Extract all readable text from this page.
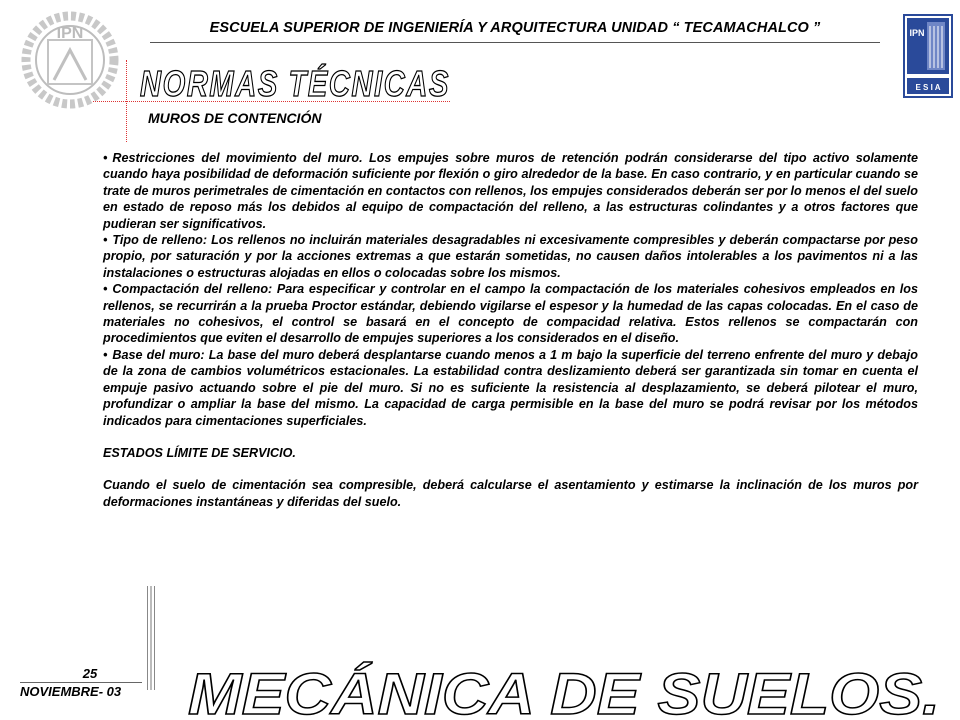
ESCUELA SUPERIOR DE INGENIERÍA Y ARQUITECTURA UNIDAD “ TECAMACHALCO ”
IPN	IPN
E S I A
NORMAS TÉCNICAS
MUROS DE CONTENCIÓN

• Restricciones del movimiento del muro. Los empujes sobre muros de retención podrán considerarse del tipo activo solamente cuando haya posibilidad de deformación suficiente por flexión o giro alrededor de la base. En caso contrario, y en particular cuando se trate de muros perimetrales de cimentación en contactos con rellenos, los empujes considerados deberán ser por lo menos el del suelo en estado de reposo más los debidos al equipo de compactación del relleno, a las estructuras colindantes y a otros factores que pudieran ser significativos.

• Tipo de relleno: Los rellenos no incluirán materiales desagradables ni excesivamente compresibles y deberán compactarse por peso propio, por saturación y por la acciones extremas a que estarán sometidas, no causen daños intolerables a los pavimentos ni a las instalaciones o estructuras alojadas en ellos o colocadas sobre los mismos.

• Compactación del relleno: Para especificar y controlar en el campo la compactación de los materiales cohesivos empleados en los rellenos, se recurrirán a la prueba Proctor estándar, debiendo vigilarse el espesor y la humedad de las capas colocadas. En el caso de materiales no cohesivos, el control se basará en el concepto de compacidad relativa. Estos rellenos se compactarán con procedimientos que eviten el desarrollo de empujes superiores a los considerados en el diseño.

• Base del muro: La base del muro deberá desplantarse cuando menos a 1 m bajo la superficie del terreno enfrente del muro y debajo de la zona de cambios volumétricos estacionales. La estabilidad contra deslizamiento deberá ser garantizada sin tomar en cuenta el empuje pasivo actuando sobre el pie del muro. Si no es suficiente la resistencia al desplazamiento, se deberá pilotear el muro, profundizar o ampliar la base del mismo. La capacidad de carga permisible en la base del muro se podrá revisar por los métodos indicados para cimentaciones superficiales.

ESTADOS LÍMITE DE SERVICIO.

Cuando el suelo de cimentación sea compresible, deberá calcularse el asentamiento y estimarse la inclinación de los muros por deformaciones instantáneas y diferidas del suelo.

25
NOVIEMBRE- 03 MECÁNICA DE SUELOS.
